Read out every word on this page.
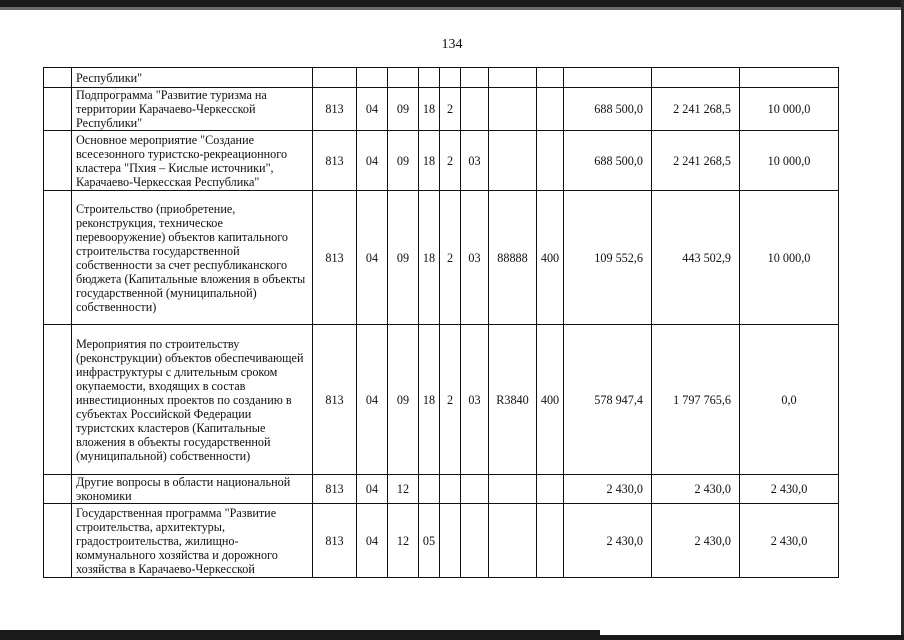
134
	Республики"											
	Подпрограмма "Развитие туризма на территории Карачаево-Черкесской Республики"	813	04	09	18	2				688 500,0	2 241 268,5	10 000,0
	Основное мероприятие "Создание всесезонного туристско-рекреационного кластера "Пхия – Кислые источники", Карачаево-Черкесская Республика"	813	04	09	18	2	03			688 500,0	2 241 268,5	10 000,0
	Строительство (приобретение, реконструкция, техническое перевооружение) объектов капитального строительства государственной собственности за счет республиканского бюджета (Капитальные вложения в объекты государственной (муниципальной) собственности)	813	04	09	18	2	03	88888	400	109 552,6	443 502,9	10 000,0
	Мероприятия по строительству (реконструкции) объектов обеспечивающей инфраструктуры с длительным сроком окупаемости, входящих в состав инвестиционных проектов по созданию в субъектах Российской Федерации туристских кластеров (Капитальные вложения в объекты государственной (муниципальной) собственности)	813	04	09	18	2	03	R3840	400	578 947,4	1 797 765,6	0,0
	Другие вопросы в области национальной экономики	813	04	12						2 430,0	2 430,0	2 430,0
	Государственная программа "Развитие строительства, архитектуры, градостроительства, жилищно-коммунального хозяйства и дорожного хозяйства в Карачаево-Черкесской	813	04	12	05					2 430,0	2 430,0	2 430,0
